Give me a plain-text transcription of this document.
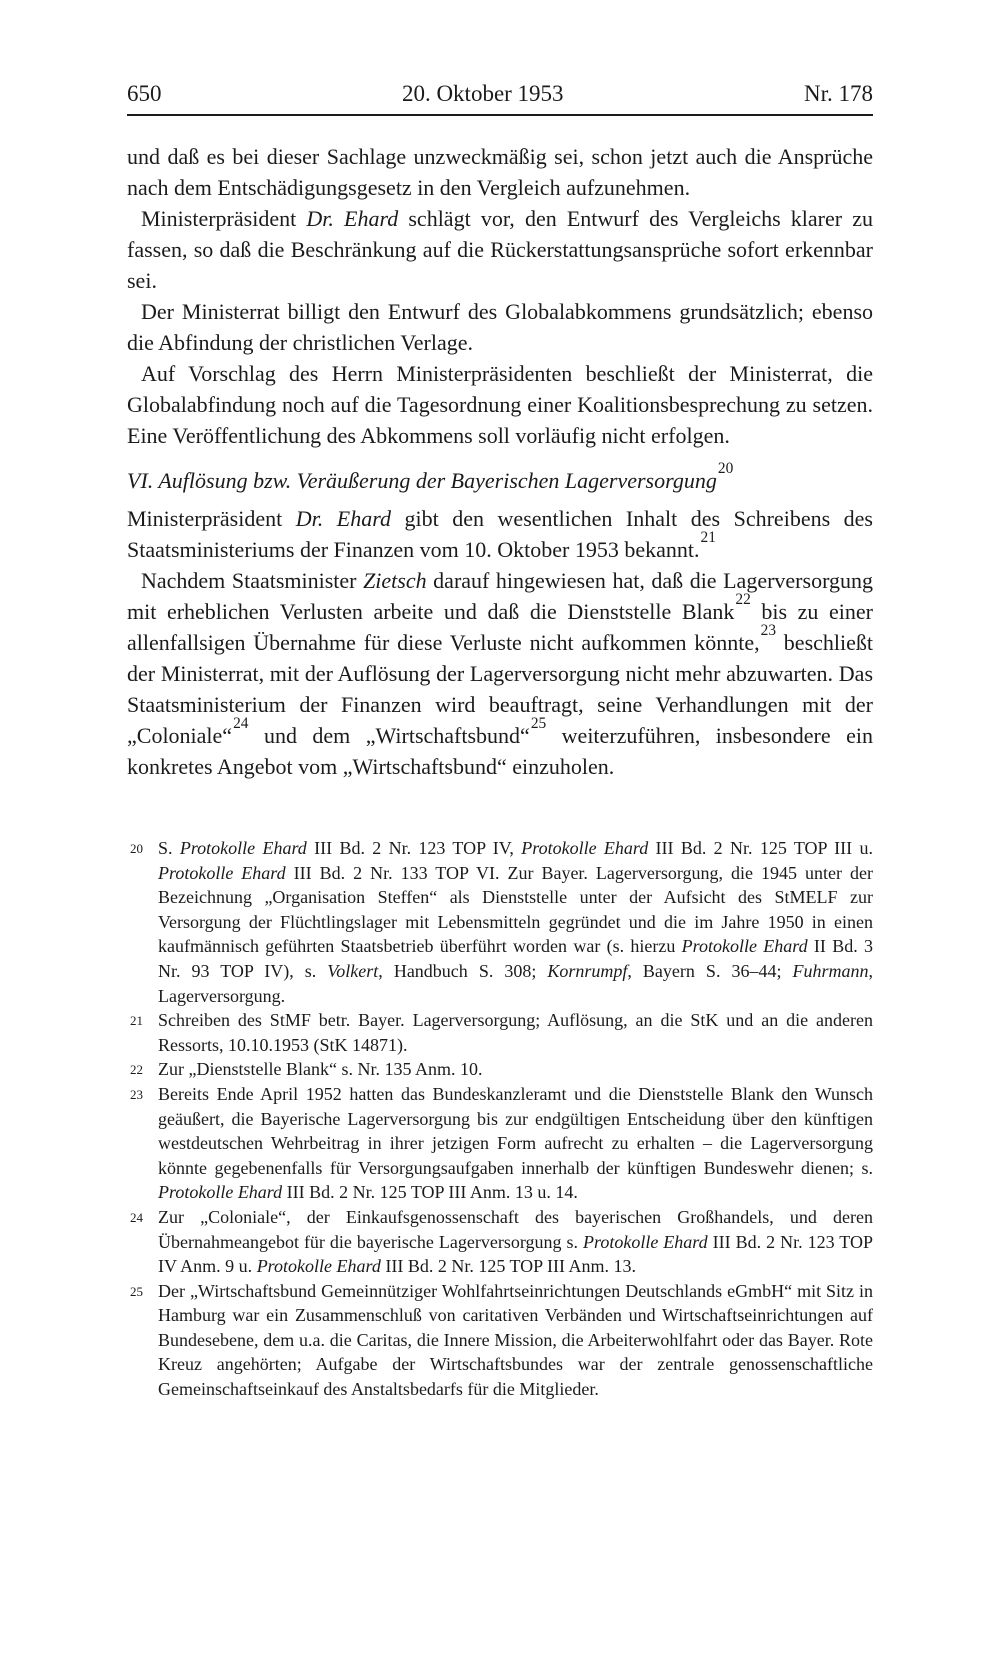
650	20. Oktober 1953	Nr. 178

und daß es bei dieser Sachlage unzweckmäßig sei, schon jetzt auch die Ansprüche nach dem Entschädigungsgesetz in den Vergleich aufzunehmen.

Ministerpräsident Dr. Ehard schlägt vor, den Entwurf des Vergleichs klarer zu fassen, so daß die Beschränkung auf die Rückerstattungsansprüche sofort erkennbar sei.

Der Ministerrat billigt den Entwurf des Globalabkommens grundsätzlich; ebenso die Abfindung der christlichen Verlage.

Auf Vorschlag des Herrn Ministerpräsidenten beschließt der Ministerrat, die Globalabfindung noch auf die Tagesordnung einer Koalitionsbesprechung zu setzen. Eine Veröffentlichung des Abkommens soll vorläufig nicht erfolgen.

VI. Auflösung bzw. Veräußerung der Bayerischen Lagerversorgung$^{20}$

Ministerpräsident Dr. Ehard gibt den wesentlichen Inhalt des Schreibens des Staatsministeriums der Finanzen vom 10. Oktober 1953 bekannt.$^{21}$

Nachdem Staatsminister Zietsch darauf hingewiesen hat, daß die Lagerversorgung mit erheblichen Verlusten arbeite und daß die Dienststelle Blank$^{22}$ bis zu einer allenfallsigen Übernahme für diese Verluste nicht aufkommen könnte,$^{23}$ beschließt der Ministerrat, mit der Auflösung der Lagerversorgung nicht mehr abzuwarten. Das Staatsministerium der Finanzen wird beauftragt, seine Verhandlungen mit der „Coloniale“$^{24}$ und dem „Wirtschaftsbund“$^{25}$ weiterzuführen, insbesondere ein konkretes Angebot vom „Wirtschaftsbund“ einzuholen.

20 S. Protokolle Ehard III Bd. 2 Nr. 123 TOP IV, Protokolle Ehard III Bd. 2 Nr. 125 TOP III u. Protokolle Ehard III Bd. 2 Nr. 133 TOP VI. Zur Bayer. Lagerversorgung, die 1945 unter der Bezeichnung „Organisation Steffen“ als Dienststelle unter der Aufsicht des StMELF zur Versorgung der Flüchtlingslager mit Lebensmitteln gegründet und die im Jahre 1950 in einen kaufmännisch geführten Staatsbetrieb überführt worden war (s. hierzu Protokolle Ehard II Bd. 3 Nr. 93 TOP IV), s. Volkert, Handbuch S. 308; Kornrumpf, Bayern S. 36–44; Fuhrmann, Lagerversorgung.
21 Schreiben des StMF betr. Bayer. Lagerversorgung; Auflösung, an die StK und an die anderen Ressorts, 10.10.1953 (StK 14871).
22 Zur „Dienststelle Blank“ s. Nr. 135 Anm. 10.
23 Bereits Ende April 1952 hatten das Bundeskanzleramt und die Dienststelle Blank den Wunsch geäußert, die Bayerische Lagerversorgung bis zur endgültigen Entscheidung über den künftigen westdeutschen Wehrbeitrag in ihrer jetzigen Form aufrecht zu erhalten – die Lagerversorgung könnte gegebenenfalls für Versorgungsaufgaben innerhalb der künftigen Bundeswehr dienen; s. Protokolle Ehard III Bd. 2 Nr. 125 TOP III Anm. 13 u. 14.
24 Zur „Coloniale“, der Einkaufsgenossenschaft des bayerischen Großhandels, und deren Übernahmeangebot für die bayerische Lagerversorgung s. Protokolle Ehard III Bd. 2 Nr. 123 TOP IV Anm. 9 u. Protokolle Ehard III Bd. 2 Nr. 125 TOP III Anm. 13.
25 Der „Wirtschaftsbund Gemeinnütziger Wohlfahrtseinrichtungen Deutschlands eGmbH“ mit Sitz in Hamburg war ein Zusammenschluß von caritativen Verbänden und Wirtschaftseinrichtungen auf Bundesebene, dem u.a. die Caritas, die Innere Mission, die Arbeiterwohlfahrt oder das Bayer. Rote Kreuz angehörten; Aufgabe der Wirtschaftsbundes war der zentrale genossenschaftliche Gemeinschaftseinkauf des Anstaltsbedarfs für die Mitglieder.
